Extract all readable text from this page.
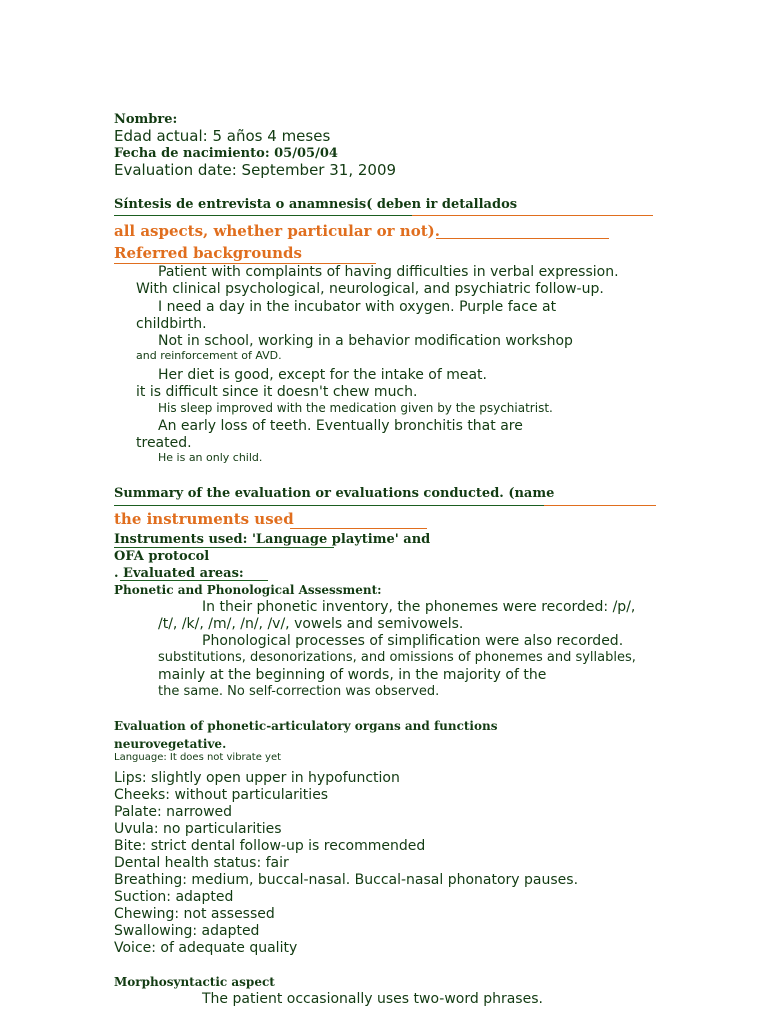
Nombre:
Edad actual: 5 años 4 meses
Fecha de nacimiento: 05/05/04
Evaluation date: September 31, 2009
Síntesis de entrevista o anamnesis( deben ir detallados
all aspects, whether particular or not).
Referred backgrounds
Patient with complaints of having difficulties in verbal expression.
With clinical psychological, neurological, and psychiatric follow-up.
I need a day in the incubator with oxygen. Purple face at
childbirth.
Not in school, working in a behavior modification workshop
and reinforcement of AVD.
Her diet is good, except for the intake of meat.
it is difficult since it doesn't chew much.
His sleep improved with the medication given by the psychiatrist.
An early loss of teeth. Eventually bronchitis that are
treated.
He is an only child.
Summary of the evaluation or evaluations conducted. (name
the instruments used
Instruments used: 'Language playtime' and
OFA protocol
. Evaluated areas:
Phonetic and Phonological Assessment:
In their phonetic inventory, the phonemes were recorded: /p/,
/t/, /k/, /m/, /n/, /v/, vowels and semivowels.
Phonological processes of simplification were also recorded.
substitutions, desonorizations, and omissions of phonemes and syllables,
mainly at the beginning of words, in the majority of the
the same. No self-correction was observed.
Evaluation of phonetic-articulatory organs and functions
neurovegetative.
Language: It does not vibrate yet
Lips: slightly open upper in hypofunction
Cheeks: without particularities
Palate: narrowed
Uvula: no particularities
Bite: strict dental follow-up is recommended
Dental health status: fair
Breathing: medium, buccal-nasal. Buccal-nasal phonatory pauses.
Suction: adapted
Chewing: not assessed
Swallowing: adapted
Voice: of adequate quality
Morphosyntactic aspect
The patient occasionally uses two-word phrases.
